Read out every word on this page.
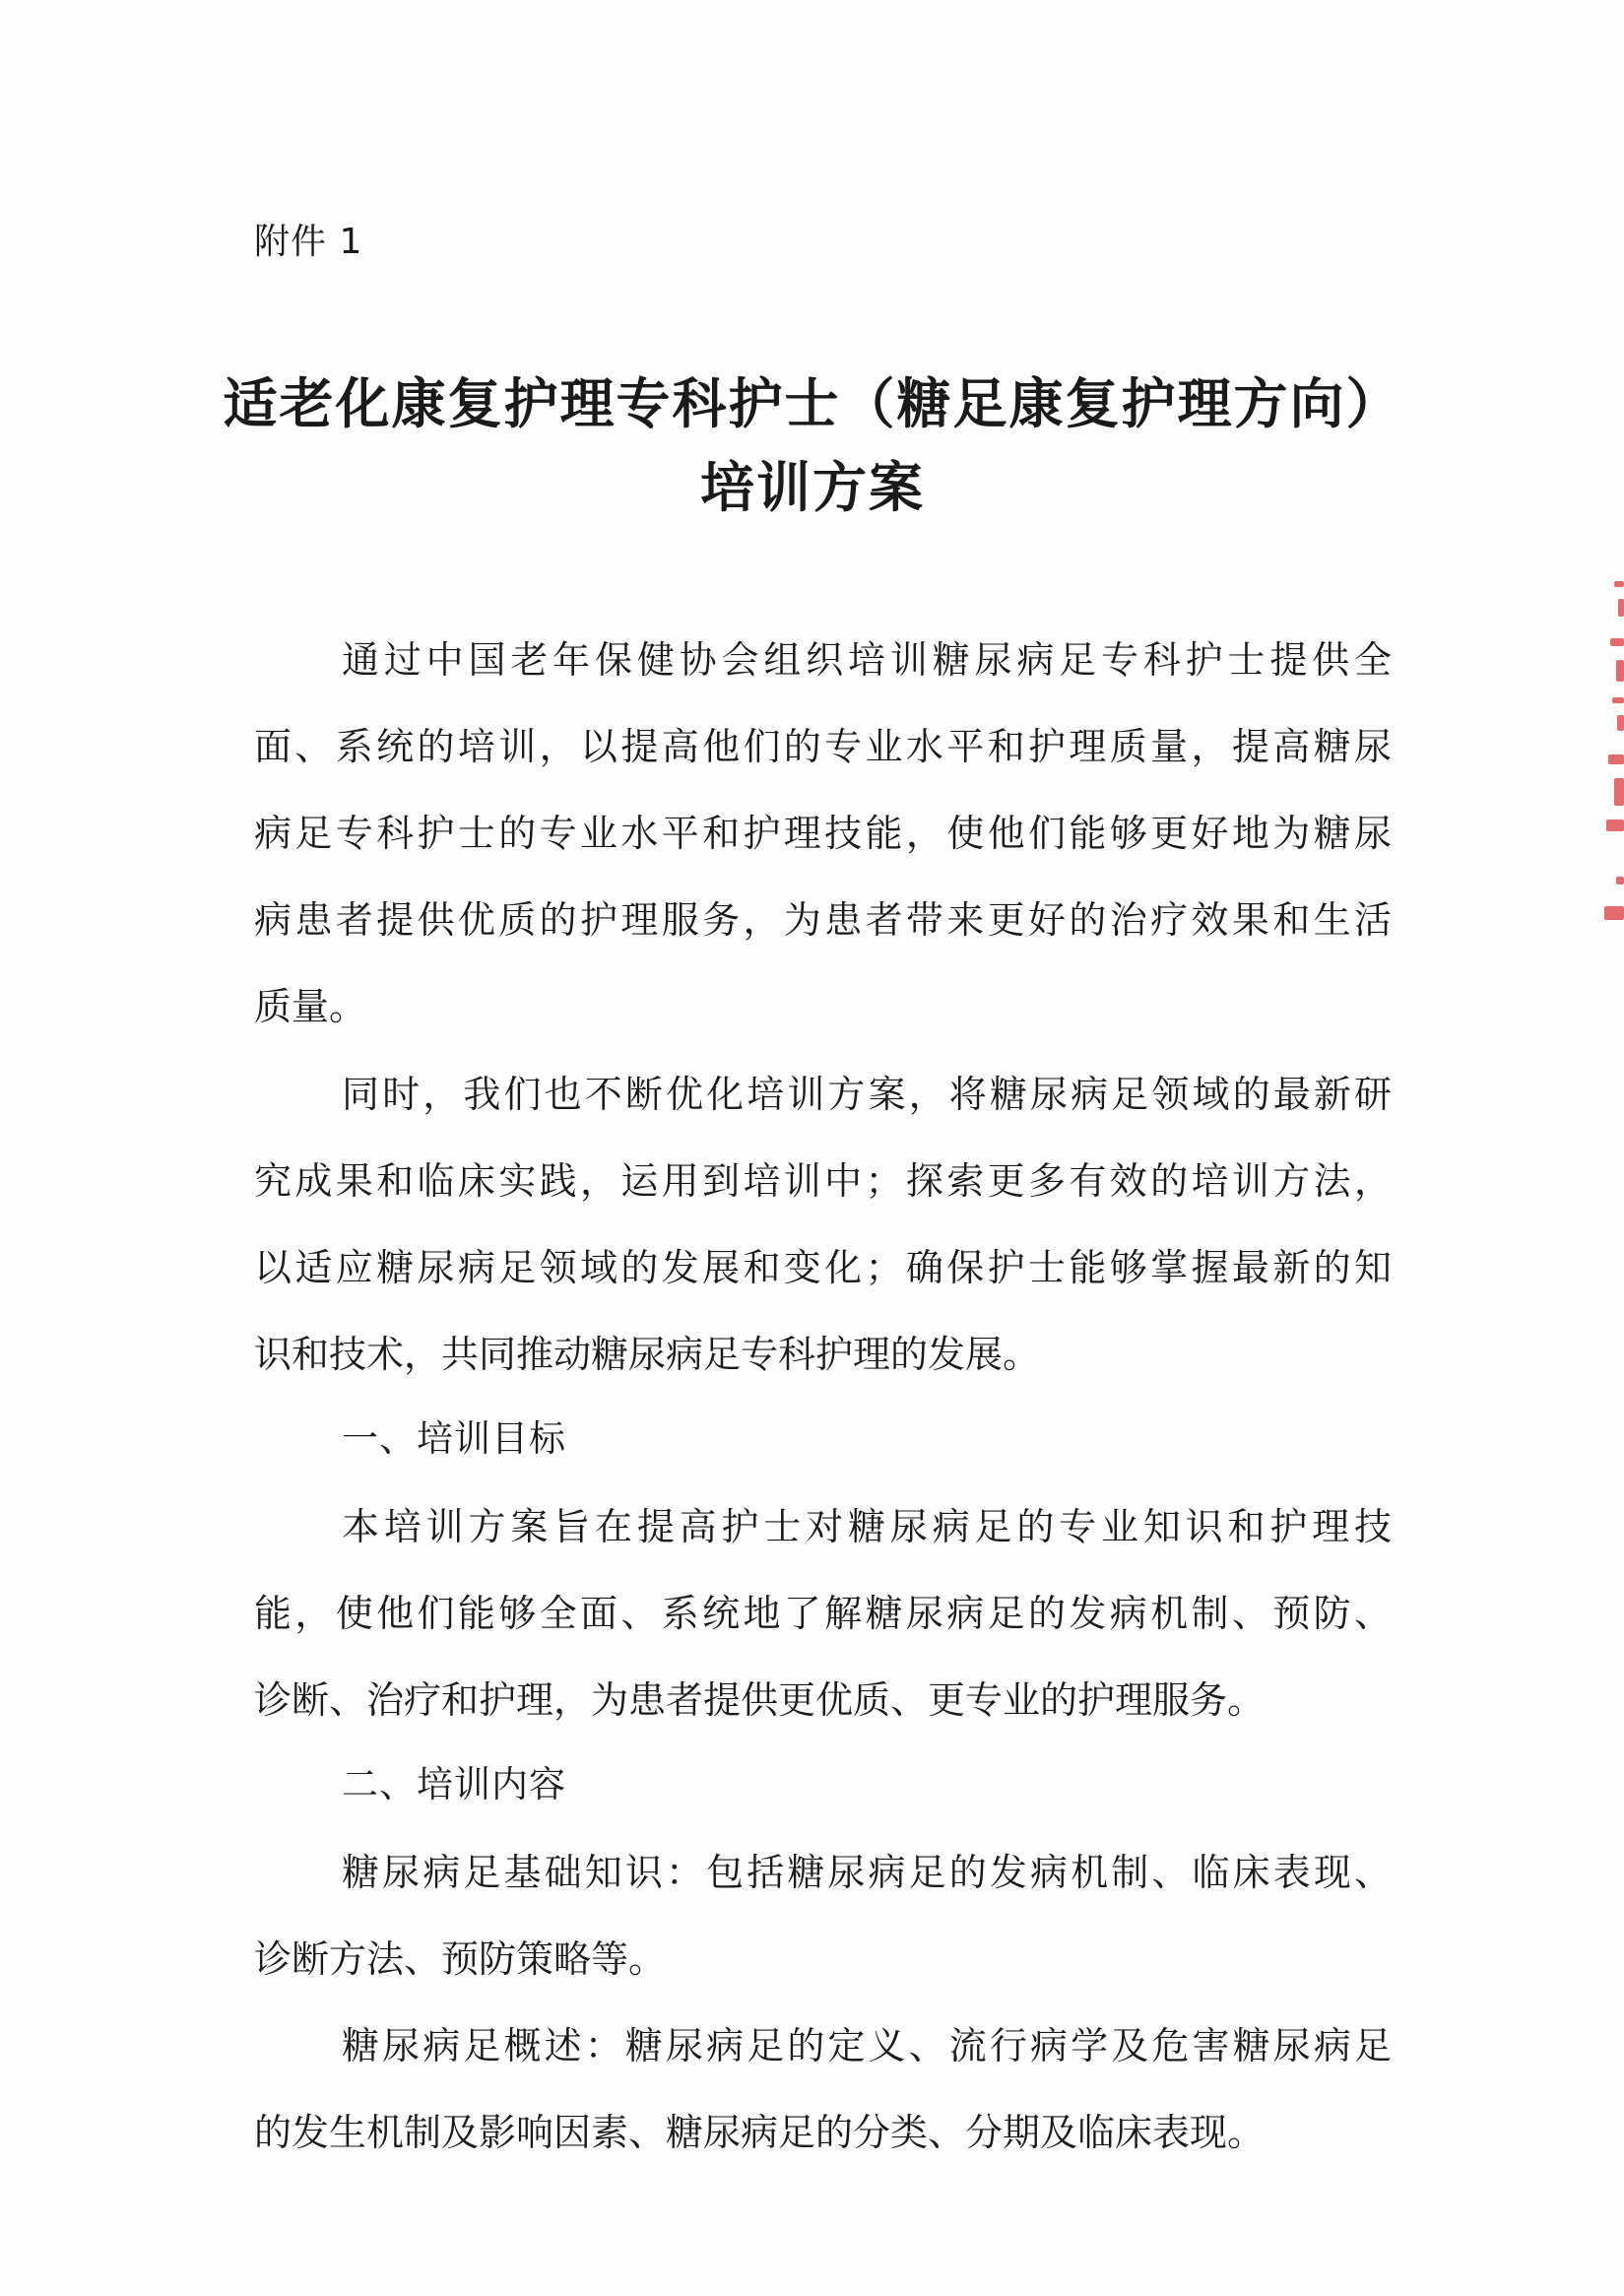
附件 1
适老化康复护理专科护士（糖足康复护理方向）
培训方案
通过中国老年保健协会组织培训糖尿病足专科护士提供全
面、系统的培训，以提高他们的专业水平和护理质量，提高糖尿
病足专科护士的专业水平和护理技能，使他们能够更好地为糖尿
病患者提供优质的护理服务，为患者带来更好的治疗效果和生活
质量。
同时，我们也不断优化培训方案，将糖尿病足领域的最新研
究成果和临床实践，运用到培训中；探索更多有效的培训方法，
以适应糖尿病足领域的发展和变化；确保护士能够掌握最新的知
识和技术，共同推动糖尿病足专科护理的发展。
一、培训目标
本培训方案旨在提高护士对糖尿病足的专业知识和护理技
能，使他们能够全面、系统地了解糖尿病足的发病机制、预防、
诊断、治疗和护理，为患者提供更优质、更专业的护理服务。
二、培训内容
糖尿病足基础知识：包括糖尿病足的发病机制、临床表现、
诊断方法、预防策略等。
糖尿病足概述：糖尿病足的定义、流行病学及危害糖尿病足
的发生机制及影响因素、糖尿病足的分类、分期及临床表现。
